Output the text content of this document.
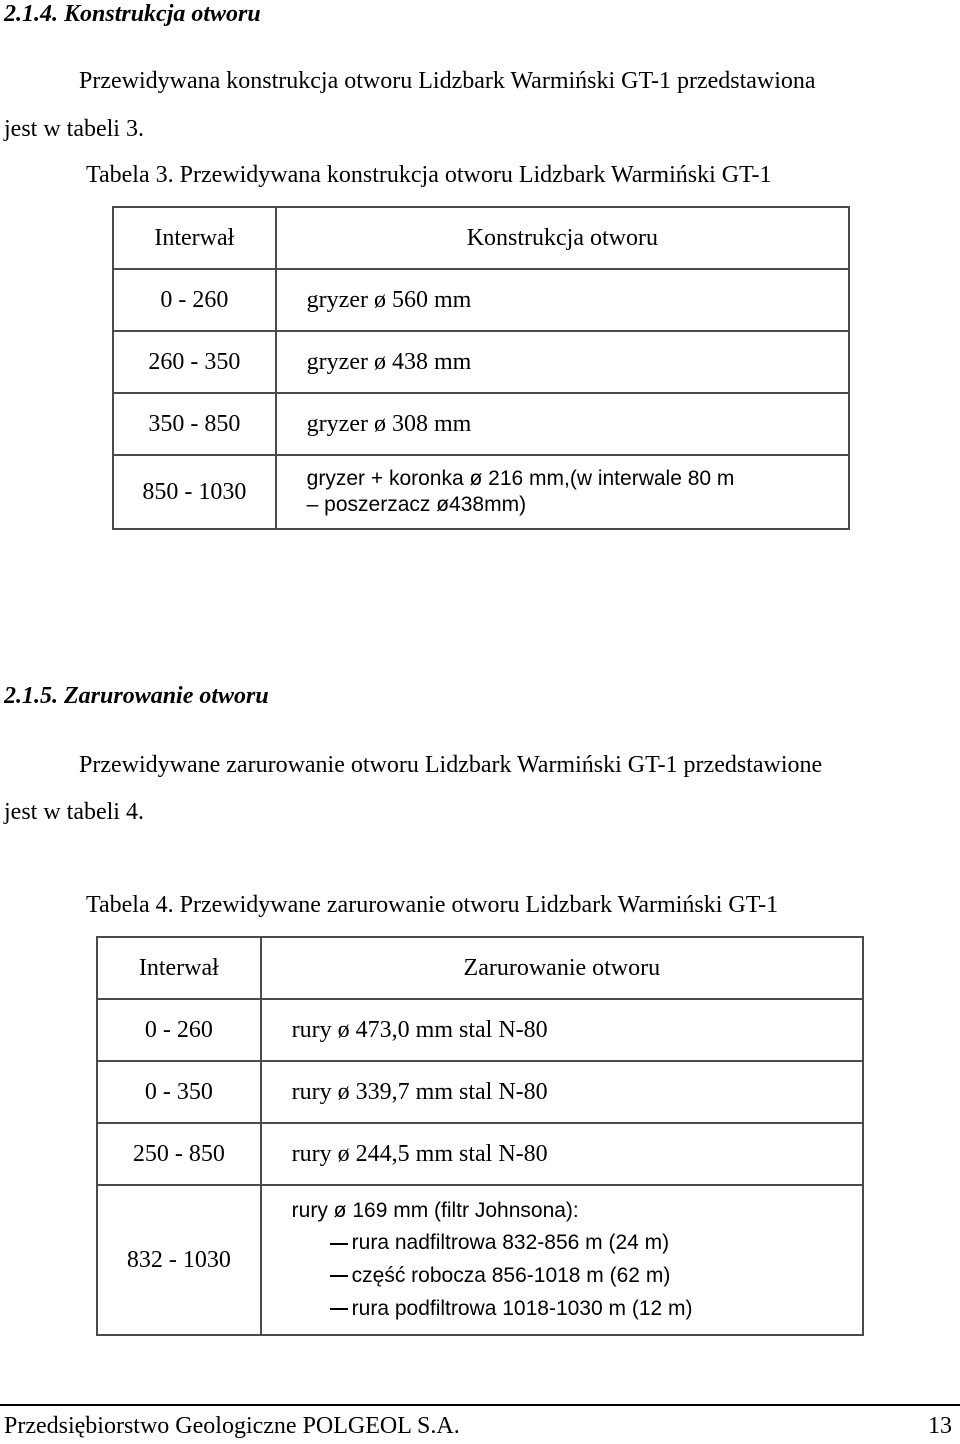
2.1.4. Konstrukcja otworu
Przewidywana konstrukcja otworu Lidzbark Warmiński GT-1 przedstawiona
jest w tabeli 3.
Tabela 3. Przewidywana konstrukcja otworu Lidzbark Warmiński GT-1
Interwał	Konstrukcja otworu
0 - 260	gryzer ø 560 mm
260 - 350	gryzer ø 438 mm
350 - 850	gryzer ø 308 mm
850 - 1030	gryzer + koronka ø 216 mm,(w interwale 80 m
– poszerzacz ø438mm)
2.1.5. Zarurowanie otworu
Przewidywane zarurowanie otworu Lidzbark Warmiński GT-1 przedstawione
jest w tabeli 4.
Tabela 4. Przewidywane zarurowanie otworu Lidzbark Warmiński GT-1
Interwał	Zarurowanie otworu
0 - 260	rury ø 473,0 mm stal N-80
0 - 350	rury ø 339,7 mm stal N-80
250 - 850	rury ø 244,5 mm stal N-80
832 - 1030	rury ø 169 mm (filtr Johnsona):
rura nadfiltrowa 832-856 m (24 m)
część robocza 856-1018 m (62 m)
rura podfiltrowa 1018-1030 m (12 m)
Przedsiębiorstwo Geologiczne POLGEOL S.A.	13
